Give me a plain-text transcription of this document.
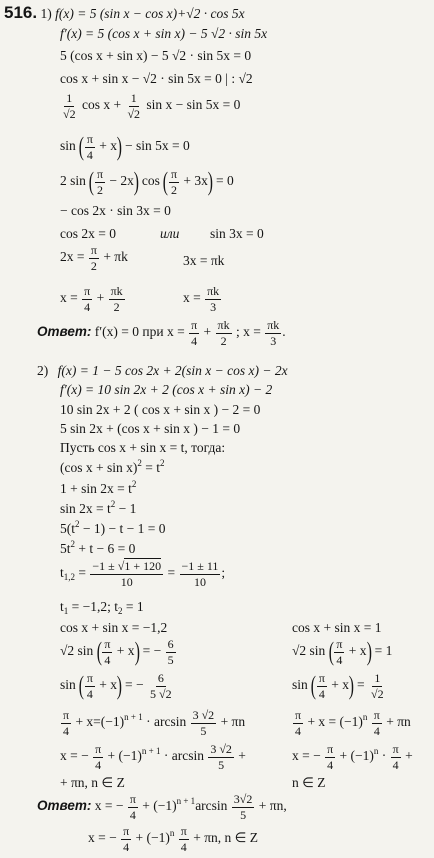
516. 1) f(x) = 5 (sin x − cos x)+√2 · cos 5x
f′(x) = 5 (cos x + sin x) − 5 √2 · sin 5x
5 (cos x + sin x) − 5 √2 · sin 5x = 0
cos x + sin x − √2 · sin 5x = 0 | : √2
$\frac{1}{√2}$ $\cos x + \frac{1}{√2}$ sin x − sin 5x = 0
sin ( $\frac{\pi}{4} + x) - \sin 5x = 0$
2 sin ( $\frac{\pi}{2} - 2x$) cos ( $\frac{\pi}{2} + 3x) = 0$
− cos 2x · sin 3x = 0
cos 2x = 0	или sin 3x = 0
$2x = \frac{\pi}{2} + \pi k$	3x = πk
$x = \frac{\pi}{4} + \frac{\pi k}{2}$	$x = \frac{\pi k}{3}$
Ответ: f′(x) = 0 при $x = \frac{\pi}{4} + \frac{\pi k}{2}$ ; $x = \frac{\pi k}{3}$ .
2) f(x) = 1 − 5 cos 2x + 2(sin x − cos x) − 2x
f′(x) = 10 sin 2x + 2 (cos x + sin x) − 2
10 sin 2x + 2 ( cos x + sin x ) − 2 = 0
5 sin 2x + (cos x + sin x ) − 1 = 0
Пусть cos x + sin x = t, тогда:
(cos $x + \sin x)^2 = t^2$
$1 + \sin 2x = t^2$
$\sin 2x = t^2 - 1$
$5(t^2 - 1) - t - 1 = 0$
$5t^2 + t - 6 = 0$
$t_{1,2} = \frac{-1 \pm √1 + 120}{10} = \frac{-1 \pm 11}{10}$ ;
$t_1 = -1,2$; $t_2 = 1$
cos x + sin x = −1,2	cos x + sin x = 1
√2 sin ( $\frac{\pi}{4} + x$) = − $\frac{6}{5}$	√2 sin ( $\frac{\pi}{4} + x) = 1$
sin ( $\frac{\pi}{4} + x$) = − $\frac{6}{5 √2}$	sin ( $\frac{\pi}{4} + x) = \frac{1}{√2}$
$\frac{\pi}{4} + x=(-1)^{n + 1} \cdot \arcsin \frac{3 √2}{5} + \pi n$	$\frac{\pi}{4} + x = (-1)^n \frac{\pi}{4} + \pi n$
x = − $\frac{\pi}{4} + (-1)^{n + 1} \cdot \arcsin \frac{3 √2}{5}$ +	x = − $\frac{\pi}{4} + (-1)^n \cdot \frac{\pi}{4}$ +
+ πn, n ∈ Z	n ∈ Z
Ответ: x = − $\frac{\pi}{4} + (-1)^{n + 1}\arcsin \frac{3√2}{5} + \pi n$,
x = − $\frac{\pi}{4} + (-1)^n \frac{\pi}{4} + \pi n$, n ∈ Z
